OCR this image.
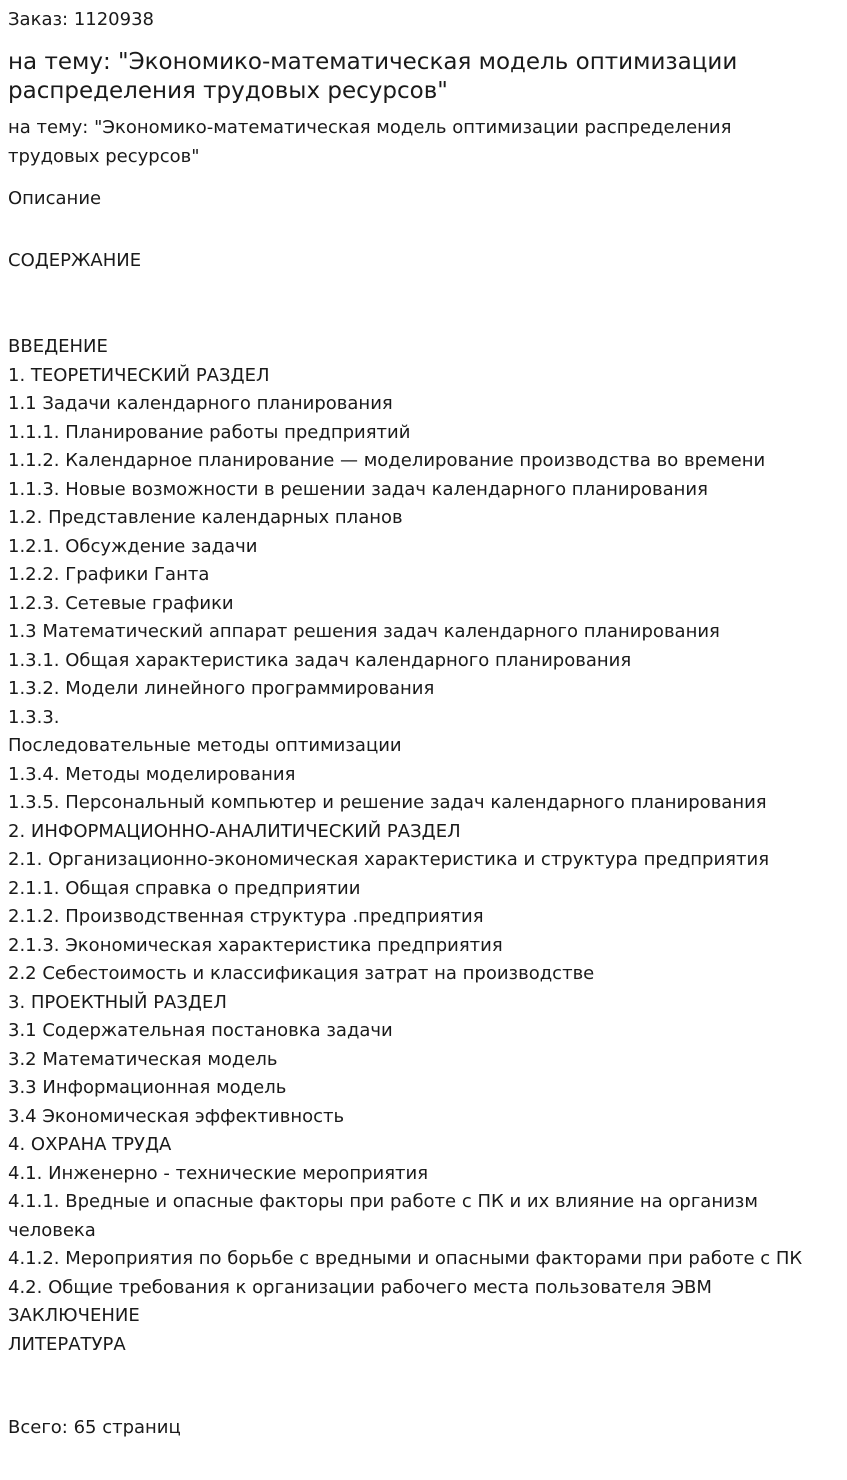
Заказ: 1120938

на тему: "Экономико-математическая модель оптимизации распределения трудовых ресурсов"

на тему: "Экономико-математическая модель оптимизации распределения трудовых ресурсов"

Описание

СОДЕРЖАНИЕ

ВВЕДЕНИЕ
1. ТЕОРЕТИЧЕСКИЙ РАЗДЕЛ
1.1 Задачи календарного планирования
1.1.1. Планирование работы предприятий
1.1.2. Календарное планирование — моделирование производства во времени
1.1.3. Новые возможности в решении задач календарного планирования
1.2. Представление календарных планов
1.2.1. Обсуждение задачи
1.2.2. Графики Ганта
1.2.3. Сетевые графики
1.3 Математический аппарат решения задач календарного планирования
1.3.1. Общая характеристика задач календарного планирования
1.3.2. Модели линейного программирования
1.3.3.
Последовательные методы оптимизации
1.3.4. Методы моделирования
1.3.5. Персональный компьютер и решение задач календарного планирования
2. ИНФОРМАЦИОННО-АНАЛИТИЧЕСКИЙ РАЗДЕЛ
2.1. Организационно-экономическая характеристика и структура предприятия
2.1.1. Общая справка о предприятии
2.1.2. Производственная структура .предприятия
2.1.3. Экономическая характеристика предприятия
2.2 Себестоимость и классификация затрат на производстве
3. ПРОЕКТНЫЙ РАЗДЕЛ
3.1 Содержательная постановка задачи
3.2 Математическая модель
3.3 Информационная модель
3.4 Экономическая эффективность
4. ОХРАНА ТРУДА
4.1. Инженерно - технические мероприятия
4.1.1. Вредные и опасные факторы при работе с ПК и их влияние на организм человека
4.1.2. Мероприятия по борьбе с вредными и опасными факторами при работе с ПК
4.2. Общие требования к организации рабочего места пользователя ЭВМ
ЗАКЛЮЧЕНИЕ
ЛИТЕРАТУРА

Всего: 65 страниц
